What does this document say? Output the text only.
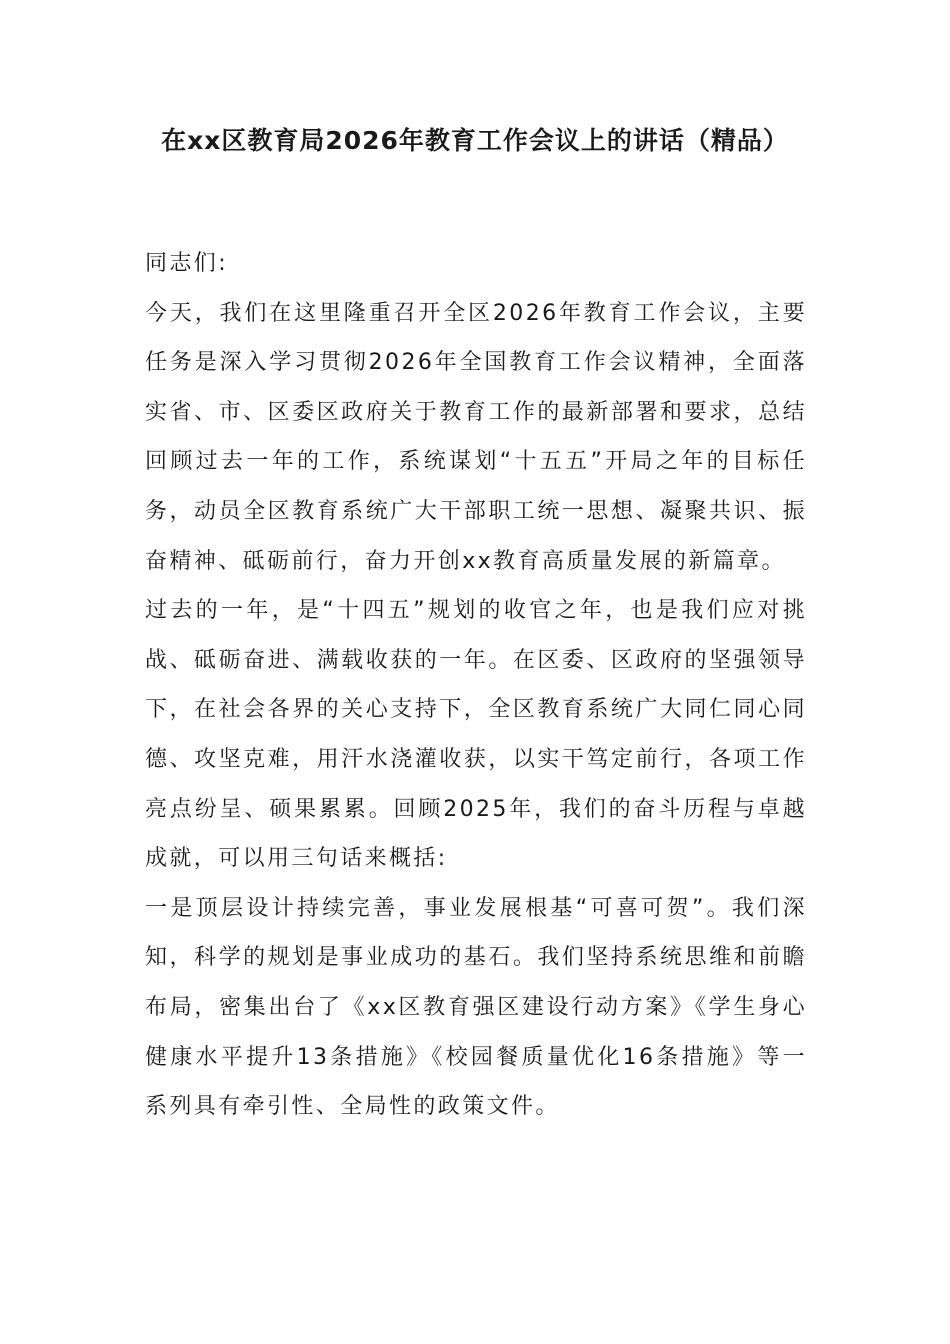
在xx区教育局2026年教育工作会议上的讲话（精品）

同志们:

今天，我们在这里隆重召开全区2026年教育工作会议，主要任务是深入学习贯彻2026年全国教育工作会议精神，全面落实省、市、区委区政府关于教育工作的最新部署和要求，总结回顾过去一年的工作，系统谋划“十五五”开局之年的目标任务，动员全区教育系统广大干部职工统一思想、凝聚共识、振奋精神、砥砺前行，奋力开创xx教育高质量发展的新篇章。

过去的一年，是“十四五”规划的收官之年，也是我们应对挑战、砥砺奋进、满载收获的一年。在区委、区政府的坚强领导下，在社会各界的关心支持下，全区教育系统广大同仁同心同德、攻坚克难，用汗水浇灌收获，以实干笃定前行，各项工作亮点纷呈、硕果累累。回顾2025年，我们的奋斗历程与卓越成就，可以用三句话来概括:

一是顶层设计持续完善，事业发展根基“可喜可贺”。我们深知，科学的规划是事业成功的基石。我们坚持系统思维和前瞻布局，密集出台了《xx区教育强区建设行动方案》《学生身心健康水平提升13条措施》《校园餐质量优化16条措施》等一系列具有牵引性、全局性的政策文件。
